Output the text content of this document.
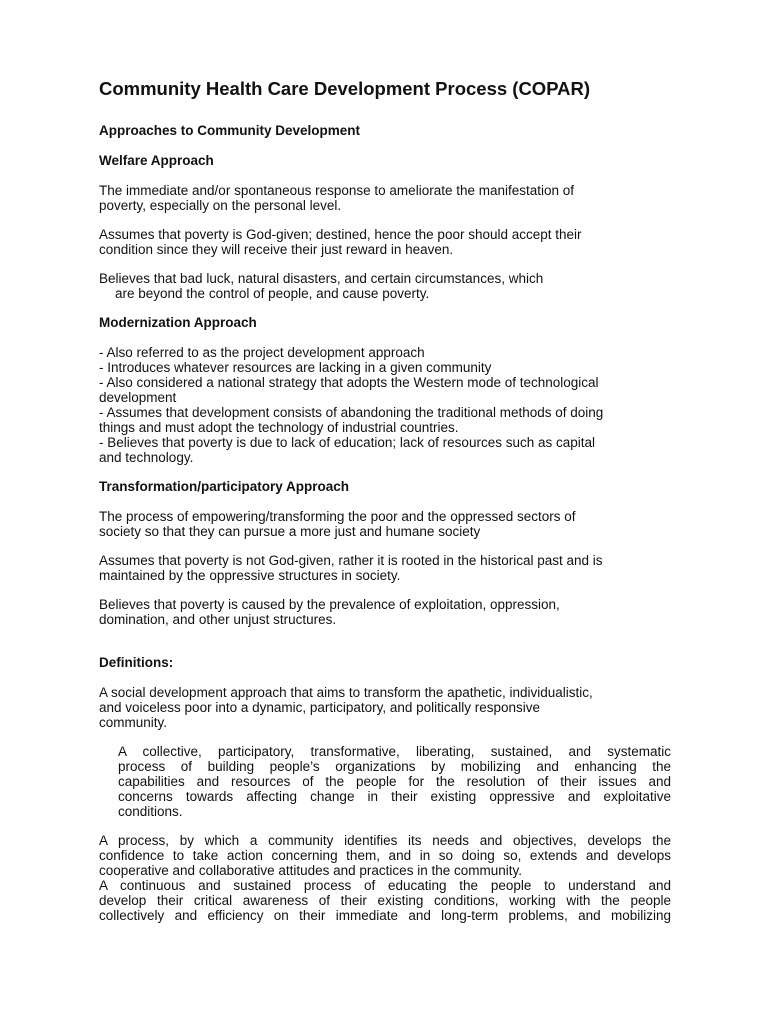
Community Health Care Development Process (COPAR)
Approaches to Community Development
Welfare Approach
The immediate and/or spontaneous response to ameliorate the manifestation of
poverty, especially on the personal level.
Assumes that poverty is God-given; destined, hence the poor should accept their
condition since they will receive their just reward in heaven.
Believes that bad luck, natural disasters, and certain circumstances, which
are beyond the control of people, and cause poverty.
Modernization Approach
- Also referred to as the project development approach
- Introduces whatever resources are lacking in a given community
- Also considered a national strategy that adopts the Western mode of technological
development
- Assumes that development consists of abandoning the traditional methods of doing
things and must adopt the technology of industrial countries.
- Believes that poverty is due to lack of education; lack of resources such as capital
and technology.
Transformation/participatory Approach
The process of empowering/transforming the poor and the oppressed sectors of
society so that they can pursue a more just and humane society
Assumes that poverty is not God-given, rather it is rooted in the historical past and is
maintained by the oppressive structures in society.
Believes that poverty is caused by the prevalence of exploitation, oppression,
domination, and other unjust structures.
Definitions:
A social development approach that aims to transform the apathetic, individualistic,
and voiceless poor into a dynamic, participatory, and politically responsive
community.
A collective, participatory, transformative, liberating, sustained, and systematic
process of building people’s organizations by mobilizing and enhancing the
capabilities and resources of the people for the resolution of their issues and
concerns towards affecting change in their existing oppressive and exploitative
conditions.
A process, by which a community identifies its needs and objectives, develops the
confidence to take action concerning them, and in so doing so, extends and develops
cooperative and collaborative attitudes and practices in the community.
A continuous and sustained process of educating the people to understand and
develop their critical awareness of their existing conditions, working with the people
collectively and efficiency on their immediate and long-term problems, and mobilizing
